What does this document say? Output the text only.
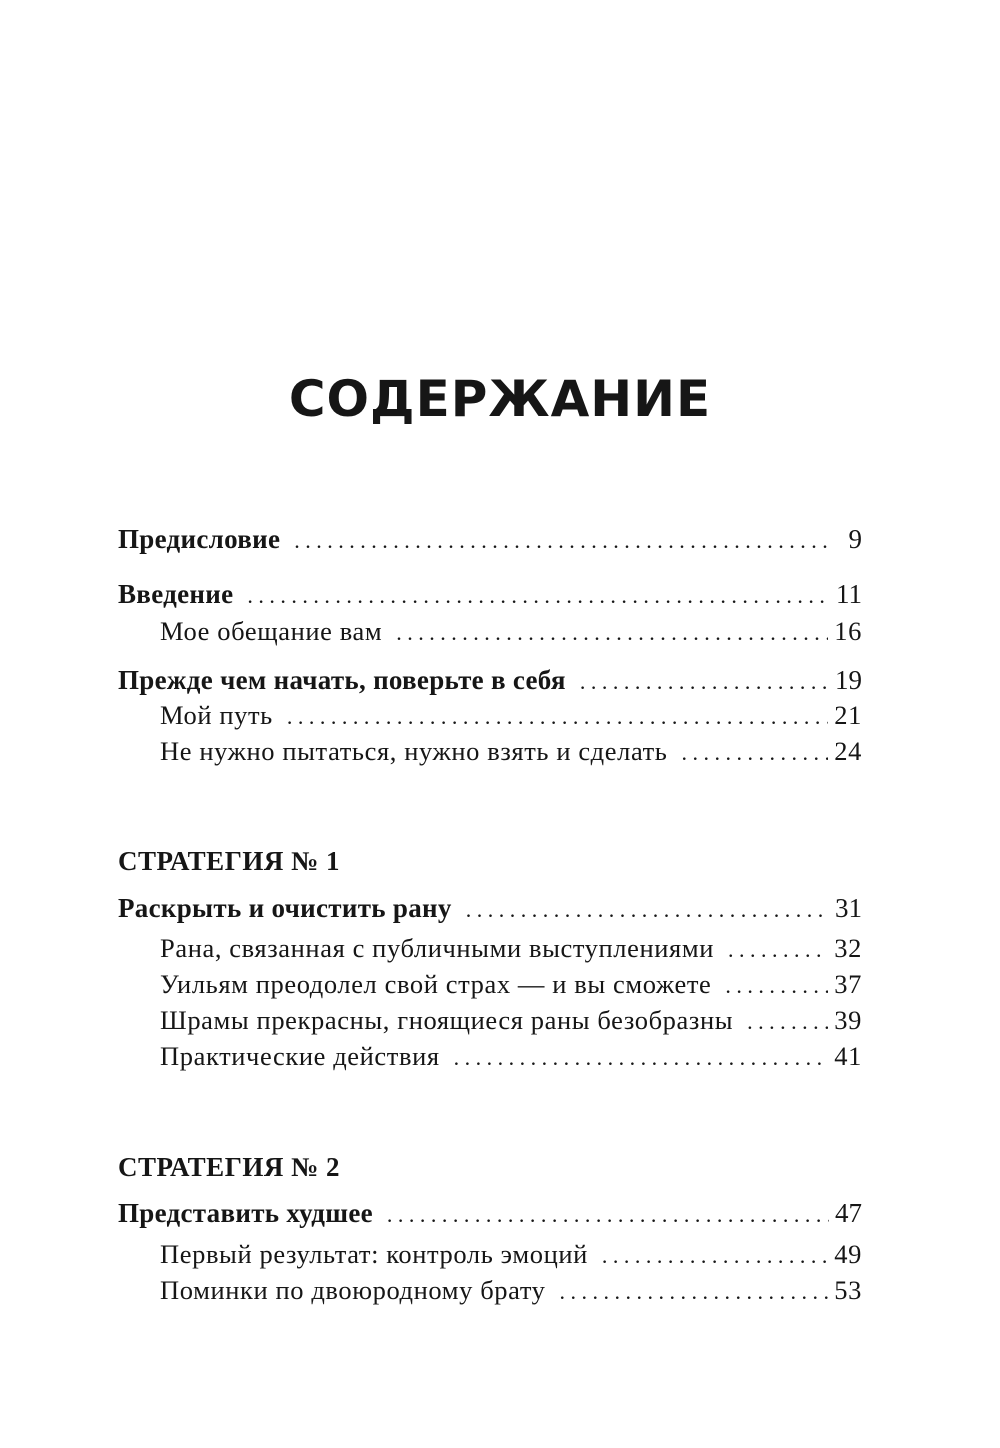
СОДЕРЖАНИЕ
Предисловие . . .	9
Введение . . .	11
Мое обещание вам . . .	16
Прежде чем начать, поверьте в себя . . .	19
Мой путь . . .	21
Не нужно пытаться, нужно взять и сделать . . .	24
СТРАТЕГИЯ № 1
Раскрыть и очистить рану . . .	31
Рана, связанная с публичными выступлениями . . .	32
Уильям преодолел свой страх — и вы сможете . . .	37
Шрамы прекрасны, гноящиеся раны безобразны . . .	39
Практические действия . . .	41
СТРАТЕГИЯ № 2
Представить худшее . . .	47
Первый результат: контроль эмоций . . .	49
Поминки по двоюродному брату . . .	53
